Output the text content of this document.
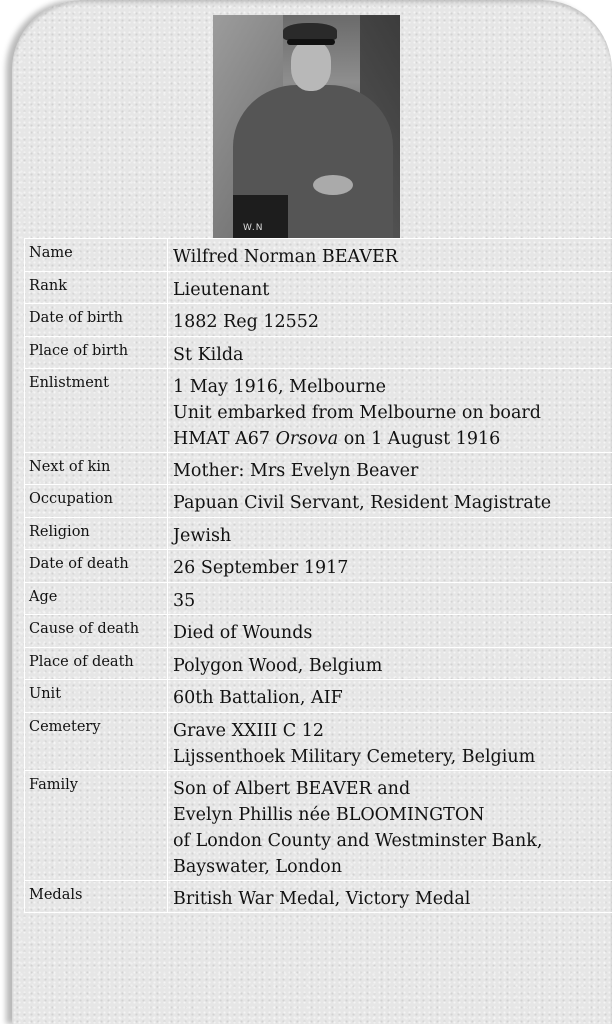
W.N
Name	Wilfred Norman BEAVER

Rank	Lieutenant

Date of birth	1882 Reg 12552

Place of birth	St Kilda

Enlistment	1 May 1916, Melbourne
Unit embarked from Melbourne on board
HMAT A67 Orsova on 1 August 1916

Next of kin	Mother: Mrs Evelyn Beaver

Occupation	Papuan Civil Servant, Resident Magistrate

Religion	Jewish

Date of death	26 September 1917

Age	35

Cause of death	Died of Wounds

Place of death	Polygon Wood, Belgium

Unit	60th Battalion, AIF

Cemetery	Grave XXIII C 12
Lijssenthoek Military Cemetery, Belgium

Family	Son of Albert BEAVER and
Evelyn Phillis née BLOOMINGTON
of London County and Westminster Bank,
Bayswater, London

Medals	British War Medal, Victory Medal
